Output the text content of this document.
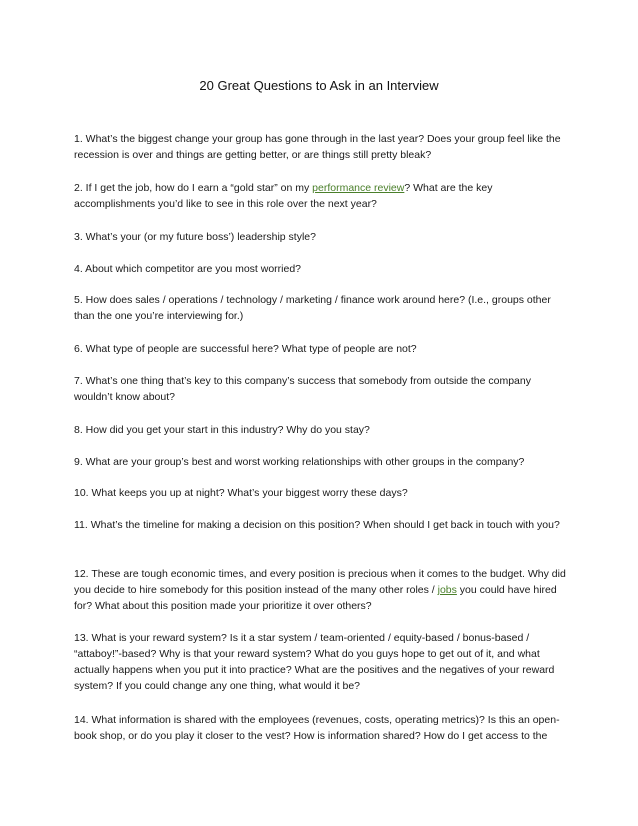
20 Great Questions to Ask in an Interview
1. What’s the biggest change your group has gone through in the last year? Does your group feel like the recession is over and things are getting better, or are things still pretty bleak?
2. If I get the job, how do I earn a “gold star” on my performance review? What are the key accomplishments you’d like to see in this role over the next year?
3. What’s your (or my future boss’) leadership style?
4. About which competitor are you most worried?
5. How does sales / operations / technology / marketing / finance work around here? (I.e., groups other than the one you’re interviewing for.)
6. What type of people are successful here? What type of people are not?
7. What’s one thing that’s key to this company’s success that somebody from outside the company wouldn’t know about?
8. How did you get your start in this industry? Why do you stay?
9. What are your group’s best and worst working relationships with other groups in the company?
10. What keeps you up at night? What’s your biggest worry these days?
11. What’s the timeline for making a decision on this position? When should I get back in touch with you?
12. These are tough economic times, and every position is precious when it comes to the budget. Why did you decide to hire somebody for this position instead of the many other roles / jobs you could have hired for? What about this position made your prioritize it over others?
13. What is your reward system? Is it a star system / team-oriented / equity-based / bonus-based / “attaboy!”-based? Why is that your reward system? What do you guys hope to get out of it, and what actually happens when you put it into practice? What are the positives and the negatives of your reward system? If you could change any one thing, what would it be?
14. What information is shared with the employees (revenues, costs, operating metrics)? Is this an open-book shop, or do you play it closer to the vest? How is information shared? How do I get access to the
